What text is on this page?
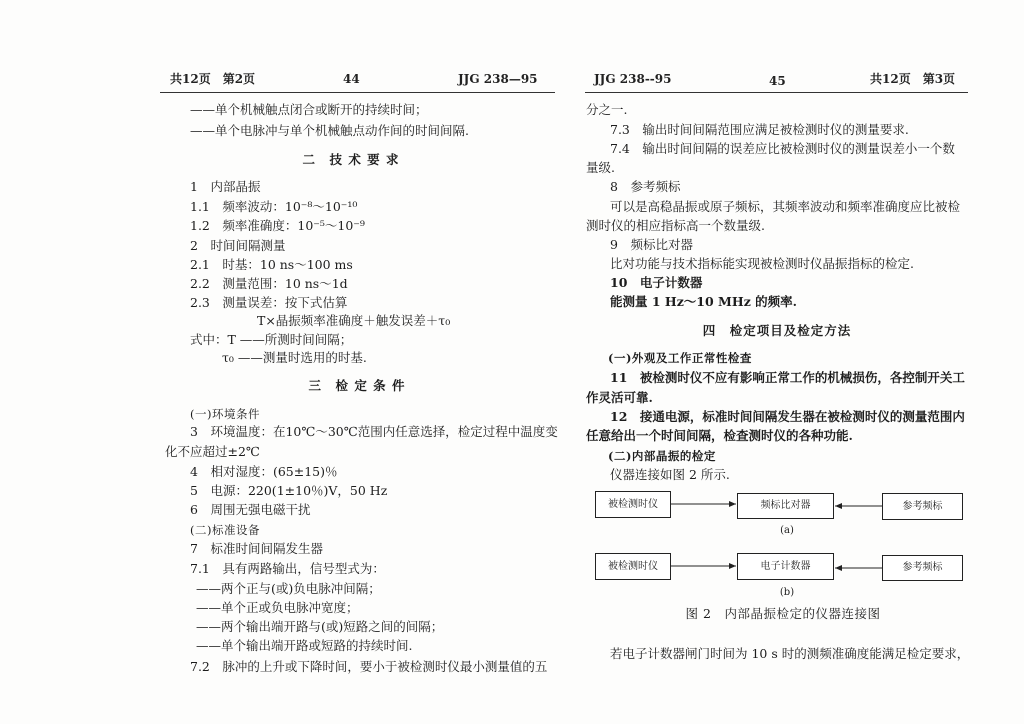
共12页　第2页	44	JJG 238—95
——单个机械触点闭合或断开的持续时间；
——单个电脉冲与单个机械触点动作间的时间间隔.
二　技 术 要 求
1　内部晶振
1.1　频率波动：10⁻⁸～10⁻¹⁰
1.2　频率准确度：10⁻⁵～10⁻⁹
2　时间间隔测量
2.1　时基：10 ns～100 ms
2.2　测量范围：10 ns～1d
2.3　测量误差：按下式估算
T×晶振频率准确度＋触发误差＋τ₀
式中：T ——所测时间间隔；
τ₀ ——测量时选用的时基.
三　检 定 条 件
(一)环境条件
3　环境温度：在10℃～30℃范围内任意选择，检定过程中温度变
化不应超过±2℃
4　相对湿度：(65±15)％
5　电源：220(1±10％)V，50 Hz
6　周围无强电磁干扰
(二)标准设备
7　标准时间间隔发生器
7.1　具有两路输出，信号型式为：
——两个正与(或)负电脉冲间隔；
——单个正或负电脉冲宽度；
——两个输出端开路与(或)短路之间的间隔；
——单个输出端开路或短路的持续时间.
7.2　脉冲的上升或下降时间，要小于被检测时仪最小测量值的五
JJG 238--95	45	共12页　第3页
分之一.
7.3　输出时间间隔范围应满足被检测时仪的测量要求.
7.4　输出时间间隔的误差应比被检测时仪的测量误差小一个数
量级.
8　参考频标
可以是高稳晶振或原子频标，其频率波动和频率准确度应比被检
测时仪的相应指标高一个数量级.
9　频标比对器
比对功能与技术指标能实现被检测时仪晶振指标的检定.
10　电子计数器
能测量 1 Hz～10 MHz 的频率.
四　检定项目及检定方法
(一)外观及工作正常性检查
11　被检测时仪不应有影响正常工作的机械损伤，各控制开关工
作灵活可靠.
12　接通电源，标准时间间隔发生器在被检测时仪的测量范围内
任意给出一个时间间隔，检查测时仪的各种功能.
(二)内部晶振的检定
仪器连接如图 2 所示.
被检测时仪	频标比对器	参考频标
(a)
被检测时仪	电子计数器	参考频标
(b)
图 2　内部晶振检定的仪器连接图
若电子计数器闸门时间为 10 s 时的测频准确度能满足检定要求，
